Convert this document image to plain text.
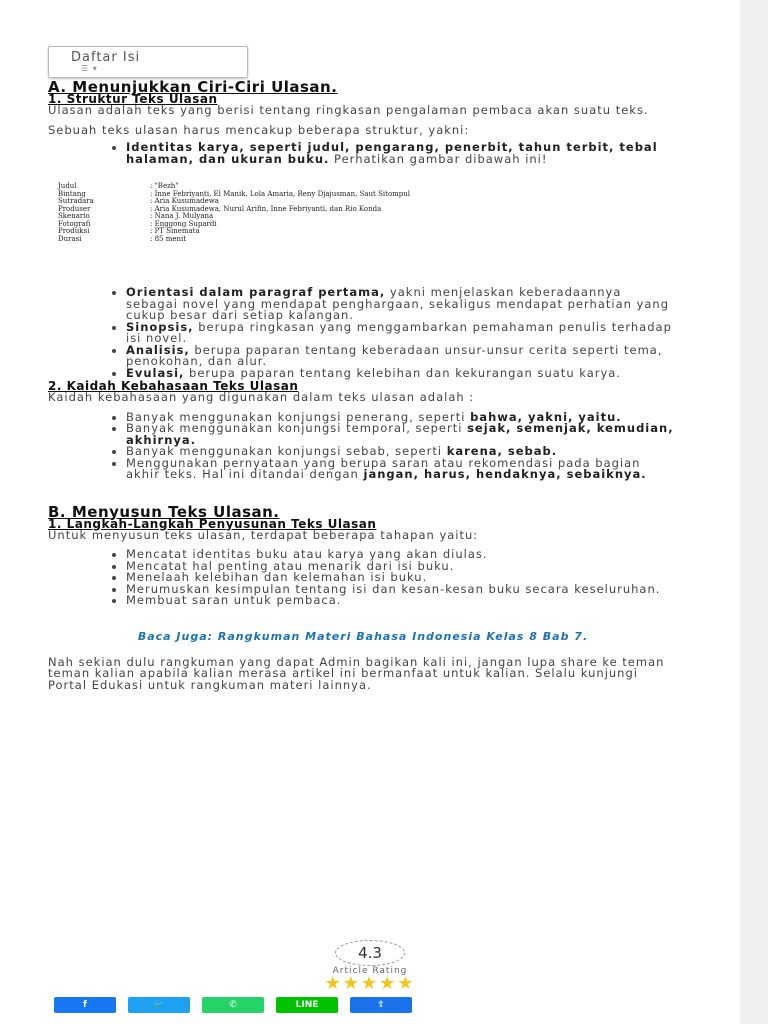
Daftar Isi
☰ ▾
A. Menunjukkan Ciri-Ciri Ulasan.
1. Struktur Teks Ulasan

Ulasan adalah teks yang berisi tentang ringkasan pengalaman pembaca akan suatu teks.

Sebuah teks ulasan harus mencakup beberapa struktur, yakni:

• Identitas karya, seperti judul, pengarang, penerbit, tahun terbit, tebal halaman, dan ukuran buku. Perhatikan gambar dibawah ini!
Judul	: "Bezh"
Bintang	: Inne Febriyanti, El Manik, Lola Amaria, Reny Djajusman, Saut Sitompul
Sutradara	: Aria Kusumadewa
Produser	: Aria Kusumadewa, Nurul Arifin, Inne Febriyanti, dan Rio Konda
Skenario	: Nana J. Mulyana
Fotografi	: Enggong Supardi
Produksi	: PT Sinemata
Durasi	: 85 menit
• Orientasi dalam paragraf pertama, yakni menjelaskan keberadaannya sebagai novel yang mendapat penghargaan, sekaligus mendapat perhatian yang cukup besar dari setiap kalangan.
• Sinopsis, berupa ringkasan yang menggambarkan pemahaman penulis terhadap isi novel.
• Analisis, berupa paparan tentang keberadaan unsur-unsur cerita seperti tema, penokohan, dan alur.
• Evulasi, berupa paparan tentang kelebihan dan kekurangan suatu karya.
2. Kaidah Kebahasaan Teks Ulasan

Kaidah kebahasaan yang digunakan dalam teks ulasan adalah :

• Banyak menggunakan konjungsi penerang, seperti bahwa, yakni, yaitu.
• Banyak menggunakan konjungsi temporal, seperti sejak, semenjak, kemudian, akhirnya.
• Banyak menggunakan konjungsi sebab, seperti karena, sebab.
• Menggunakan pernyataan yang berupa saran atau rekomendasi pada bagian akhir teks. Hal ini ditandai dengan jangan, harus, hendaknya, sebaiknya.
B. Menyusun Teks Ulasan.
1. Langkah-Langkah Penyusunan Teks Ulasan

Untuk menyusun teks ulasan, terdapat beberapa tahapan yaitu:

• Mencatat identitas buku atau karya yang akan diulas.
• Mencatat hal penting atau menarik dari isi buku.
• Menelaah kelebihan dan kelemahan isi buku.
• Merumuskan kesimpulan tentang isi dan kesan-kesan buku secara keseluruhan.
• Membuat saran untuk pembaca.

Baca Juga: Rangkuman Materi Bahasa Indonesia Kelas 8 Bab 7.

Nah sekian dulu rangkuman yang dapat Admin bagikan kali ini, jangan lupa share ke teman teman kalian apabila kalian merasa artikel ini bermanfaat untuk kalian. Selalu kunjungi Portal Edukasi untuk rangkuman materi lainnya.

4.3
Article Rating
★★★★★
f	🐦	✆	LINE	⇪
